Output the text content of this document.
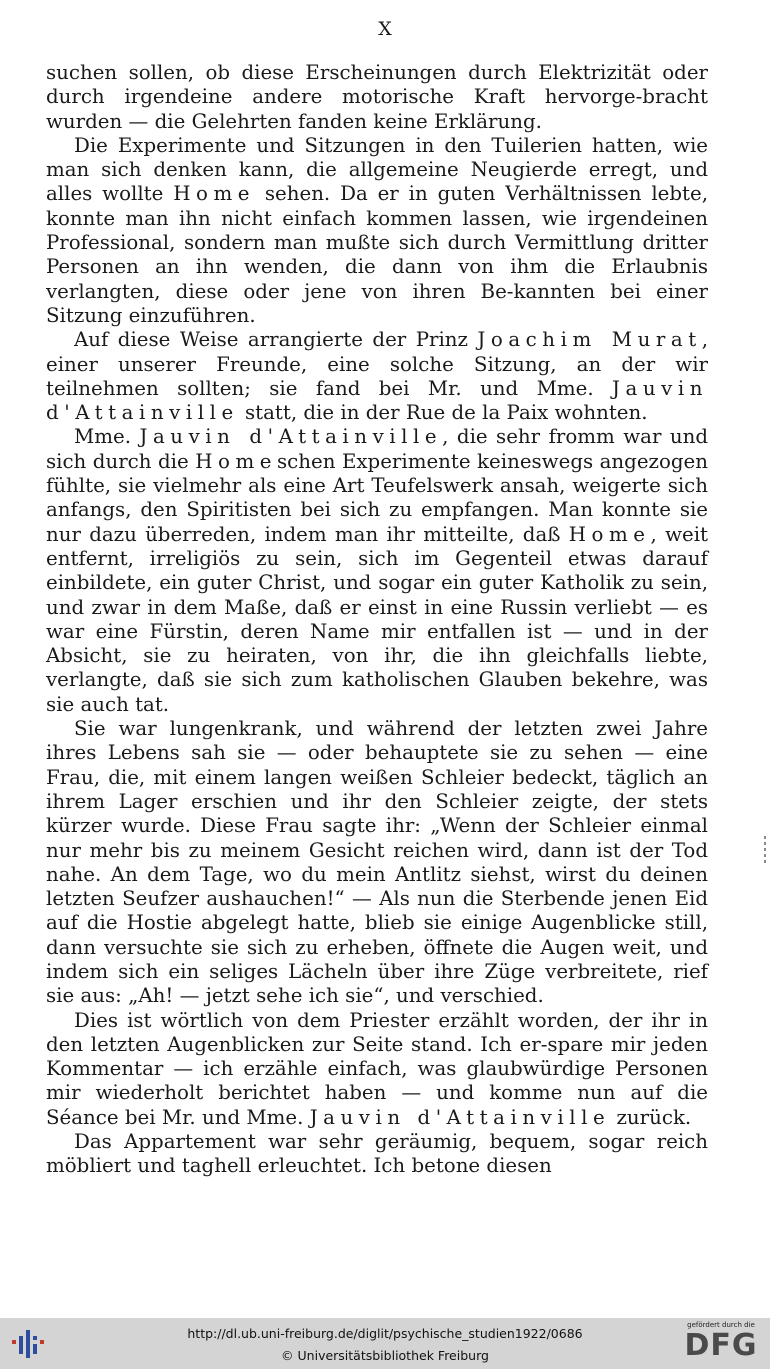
X

suchen sollen, ob diese Erscheinungen durch Elektrizität oder durch irgendeine andere motorische Kraft hervorge-bracht wurden — die Gelehrten fanden keine Erklärung.

Die Experimente und Sitzungen in den Tuilerien hatten, wie man sich denken kann, die allgemeine Neugierde erregt, und alles wollte Home sehen. Da er in guten Verhältnissen lebte, konnte man ihn nicht einfach kommen lassen, wie irgendeinen Professional, sondern man mußte sich durch Vermittlung dritter Personen an ihn wenden, die dann von ihm die Erlaubnis verlangten, diese oder jene von ihren Be-kannten bei einer Sitzung einzuführen.

Auf diese Weise arrangierte der Prinz Joachim Murat, einer unserer Freunde, eine solche Sitzung, an der wir teilnehmen sollten; sie fand bei Mr. und Mme. Jauvin d'Attainville statt, die in der Rue de la Paix wohnten.

Mme. Jauvin d'Attainville, die sehr fromm war und sich durch die Homeschen Experimente keineswegs angezogen fühlte, sie vielmehr als eine Art Teufelswerk ansah, weigerte sich anfangs, den Spiritisten bei sich zu empfangen. Man konnte sie nur dazu überreden, indem man ihr mitteilte, daß Home, weit entfernt, irreligiös zu sein, sich im Gegenteil etwas darauf einbildete, ein guter Christ, und sogar ein guter Katholik zu sein, und zwar in dem Maße, daß er einst in eine Russin verliebt — es war eine Fürstin, deren Name mir entfallen ist — und in der Absicht, sie zu heiraten, von ihr, die ihn gleichfalls liebte, verlangte, daß sie sich zum katholischen Glauben bekehre, was sie auch tat.

Sie war lungenkrank, und während der letzten zwei Jahre ihres Lebens sah sie — oder behauptete sie zu sehen — eine Frau, die, mit einem langen weißen Schleier bedeckt, täglich an ihrem Lager erschien und ihr den Schleier zeigte, der stets kürzer wurde. Diese Frau sagte ihr: „Wenn der Schleier einmal nur mehr bis zu meinem Gesicht reichen wird, dann ist der Tod nahe. An dem Tage, wo du mein Antlitz siehst, wirst du deinen letzten Seufzer aushauchen!“ — Als nun die Sterbende jenen Eid auf die Hostie abgelegt hatte, blieb sie einige Augenblicke still, dann versuchte sie sich zu erheben, öffnete die Augen weit, und indem sich ein seliges Lächeln über ihre Züge verbreitete, rief sie aus: „Ah! — jetzt sehe ich sie“, und verschied.

Dies ist wörtlich von dem Priester erzählt worden, der ihr in den letzten Augenblicken zur Seite stand. Ich er-spare mir jeden Kommentar — ich erzähle einfach, was glaubwürdige Personen mir wiederholt berichtet haben — und komme nun auf die Séance bei Mr. und Mme. Jauvin d'Attainville zurück.

Das Appartement war sehr geräumig, bequem, sogar reich möbliert und taghell erleuchtet. Ich betone diesen

http://dl.ub.uni-freiburg.de/diglit/psychische_studien1922/0686
© Universitätsbibliothek Freiburg
gefördert durch die
DFG
